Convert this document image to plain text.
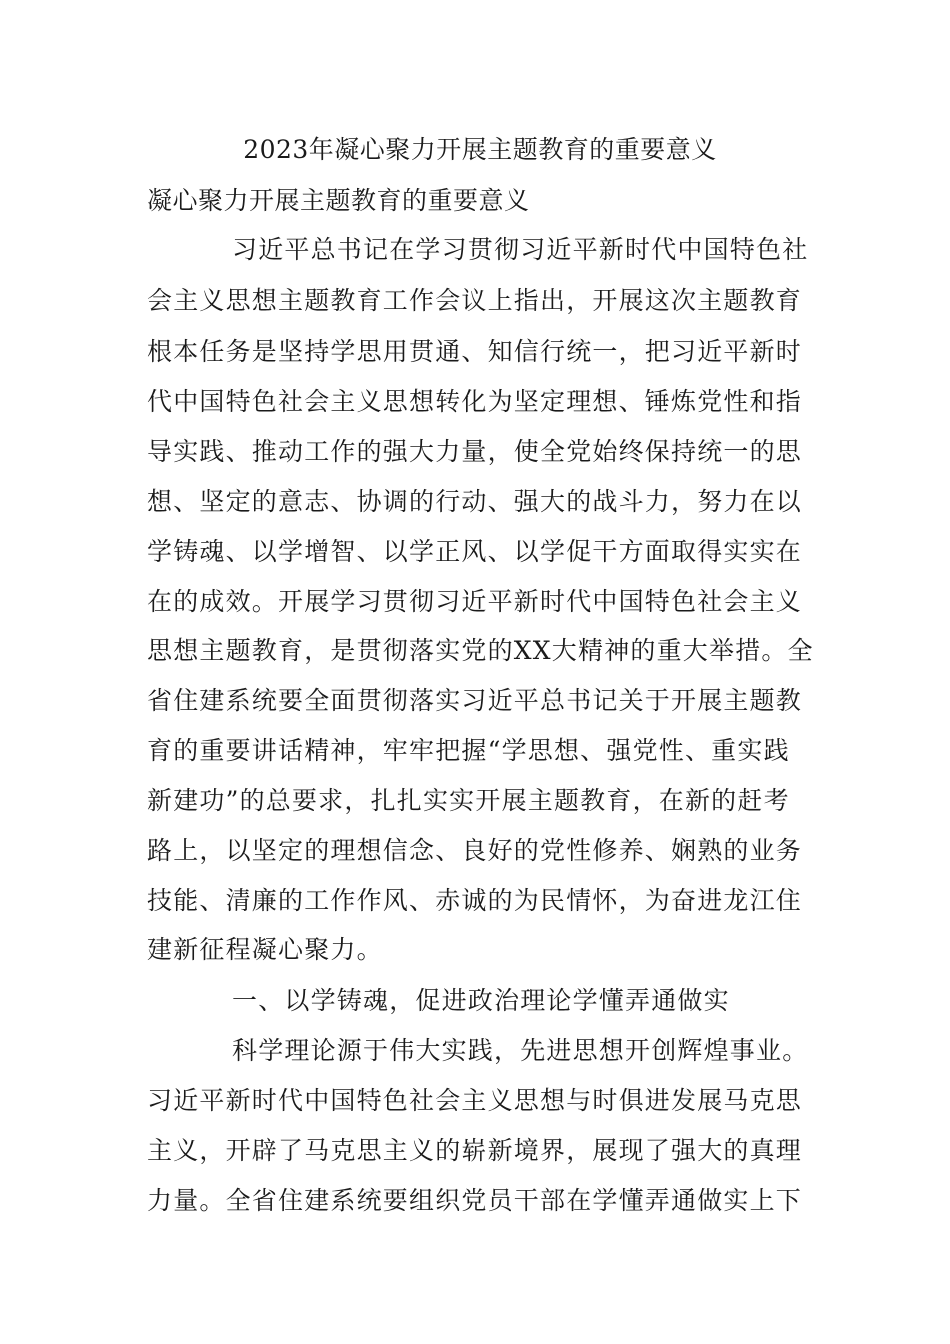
2023年凝心聚力开展主题教育的重要意义
凝心聚力开展主题教育的重要意义

习近平总书记在学习贯彻习近平新时代中国特色社

会主义思想主题教育工作会议上指出，开展这次主题教育

根本任务是坚持学思用贯通、知信行统一，把习近平新时

代中国特色社会主义思想转化为坚定理想、锤炼党性和指

导实践、推动工作的强大力量，使全党始终保持统一的思

想、坚定的意志、协调的行动、强大的战斗力，努力在以

学铸魂、以学增智、以学正风、以学促干方面取得实实在

在的成效。开展学习贯彻习近平新时代中国特色社会主义

思想主题教育，是贯彻落实党的XX大精神的重大举措。全

省住建系统要全面贯彻落实习近平总书记关于开展主题教

育的重要讲话精神，牢牢把握“学思想、强党性、重实践

新建功”的总要求，扎扎实实开展主题教育，在新的赶考

路上，以坚定的理想信念、良好的党性修养、娴熟的业务

技能、清廉的工作作风、赤诚的为民情怀，为奋进龙江住

建新征程凝心聚力。

一、以学铸魂，促进政治理论学懂弄通做实

科学理论源于伟大实践，先进思想开创辉煌事业。

习近平新时代中国特色社会主义思想与时俱进发展马克思

主义，开辟了马克思主义的崭新境界，展现了强大的真理

力量。全省住建系统要组织党员干部在学懂弄通做实上下
